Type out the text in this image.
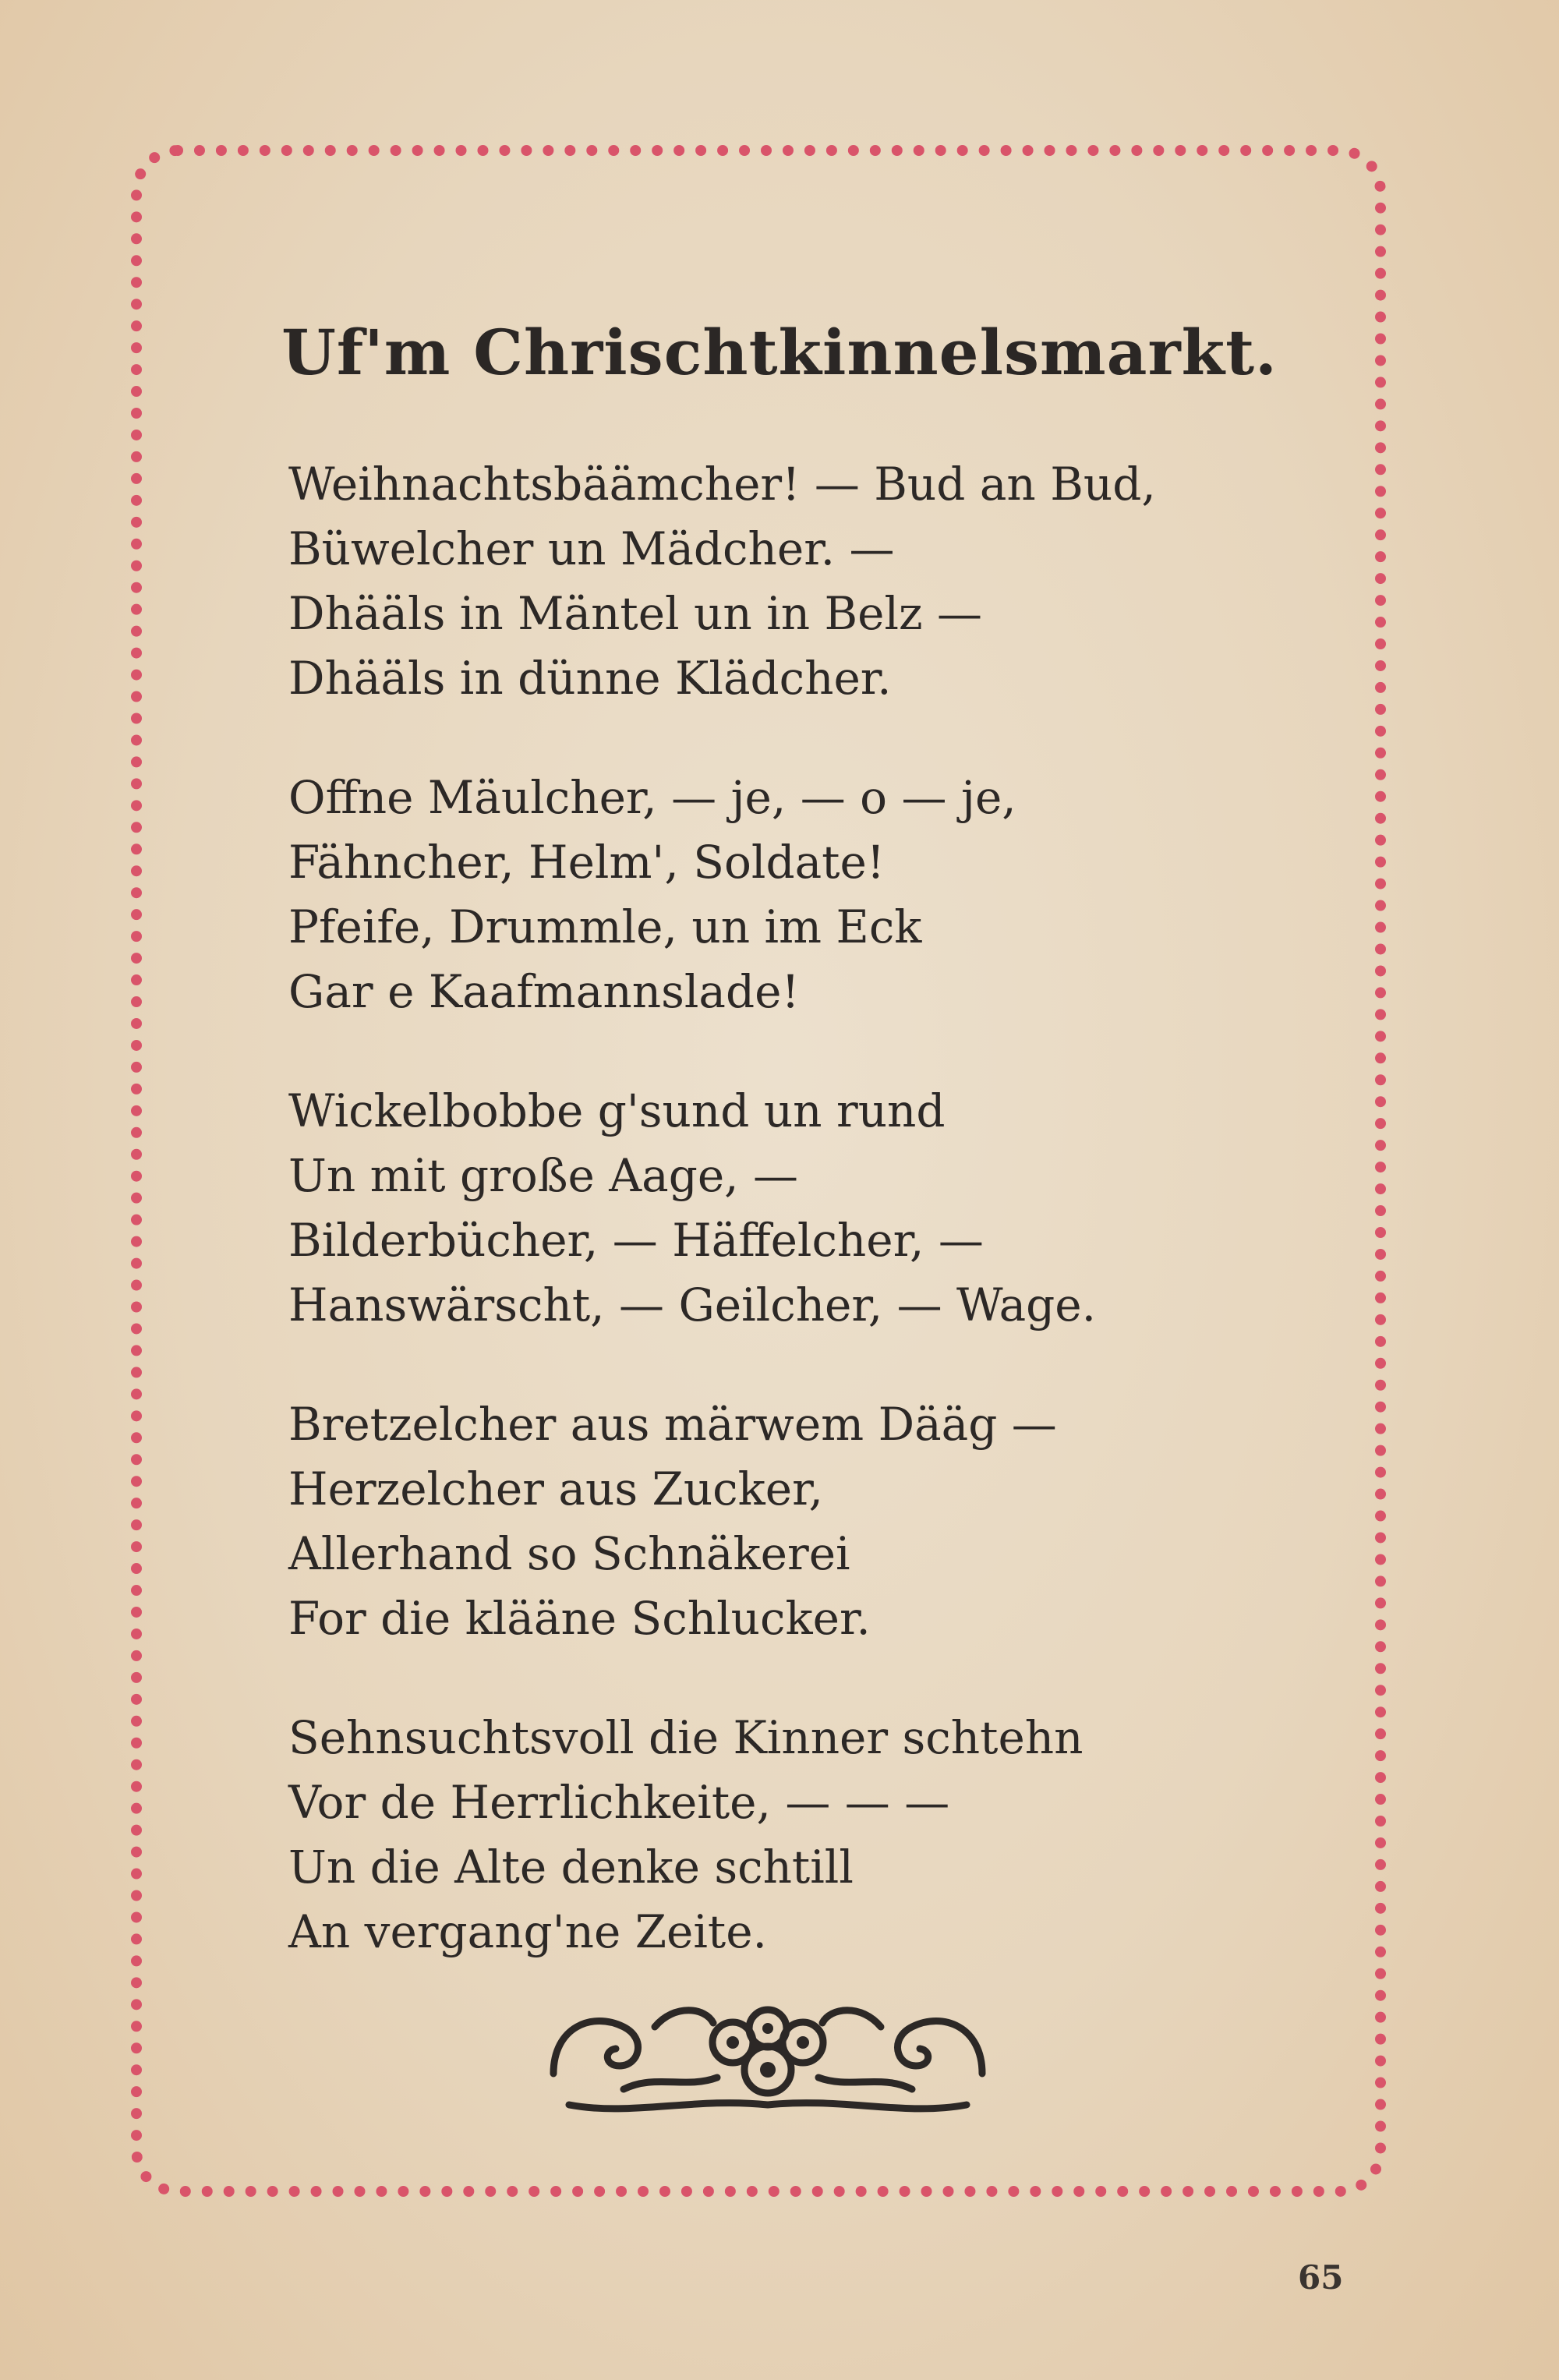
Uf'm Chrischtkinnelsmarkt.
Weihnachtsbäämcher! — Bud an Bud,
Büwelcher un Mädcher. —
Dhääls in Mäntel un in Belz —
Dhääls in dünne Klädcher.
Offne Mäulcher, — je, — o — je,
Fähncher, Helm', Soldate!
Pfeife, Drummle, un im Eck
Gar e Kaafmannslade!
Wickelbobbe g'sund un rund
Un mit große Aage, —
Bilderbücher, — Häffelcher, —
Hanswärscht, — Geilcher, — Wage.
Bretzelcher aus märwem Dääg —
Herzelcher aus Zucker,
Allerhand so Schnäkerei
For die klääne Schlucker.
Sehnsuchtsvoll die Kinner schtehn
Vor de Herrlichkeite, — — —
Un die Alte denke schtill
An vergang'ne Zeite.
65
